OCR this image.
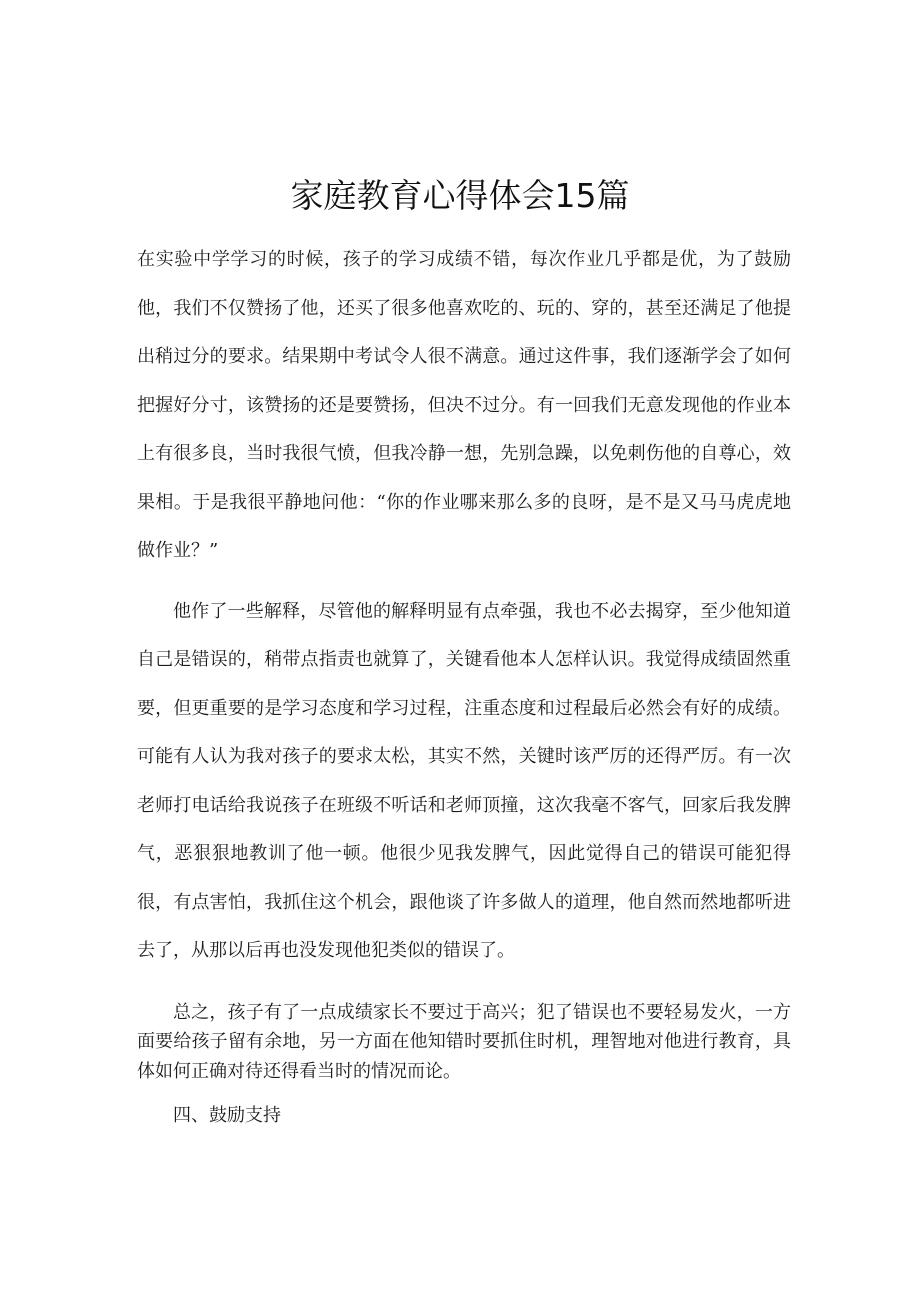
家庭教育心得体会15篇

在实验中学学习的时候，孩子的学习成绩不错，每次作业几乎都是优，为了鼓励他，我们不仅赞扬了他，还买了很多他喜欢吃的、玩的、穿的，甚至还满足了他提出稍过分的要求。结果期中考试令人很不满意。通过这件事，我们逐渐学会了如何把握好分寸，该赞扬的还是要赞扬，但决不过分。有一回我们无意发现他的作业本上有很多良，当时我很气愤，但我冷静一想，先别急躁，以免刺伤他的自尊心，效果相。于是我很平静地问他：“你的作业哪来那么多的良呀，是不是又马马虎虎地做作业？”

他作了一些解释，尽管他的解释明显有点牵强，我也不必去揭穿，至少他知道自己是错误的，稍带点指责也就算了，关键看他本人怎样认识。我觉得成绩固然重要，但更重要的是学习态度和学习过程，注重态度和过程最后必然会有好的成绩。可能有人认为我对孩子的要求太松，其实不然，关键时该严厉的还得严厉。有一次老师打电话给我说孩子在班级不听话和老师顶撞，这次我毫不客气，回家后我发脾气，恶狠狠地教训了他一顿。他很少见我发脾气，因此觉得自己的错误可能犯得很，有点害怕，我抓住这个机会，跟他谈了许多做人的道理，他自然而然地都听进去了，从那以后再也没发现他犯类似的错误了。

总之，孩子有了一点成绩家长不要过于高兴；犯了错误也不要轻易发火，一方面要给孩子留有余地，另一方面在他知错时要抓住时机，理智地对他进行教育，具体如何正确对待还得看当时的情况而论。

四、鼓励支持
